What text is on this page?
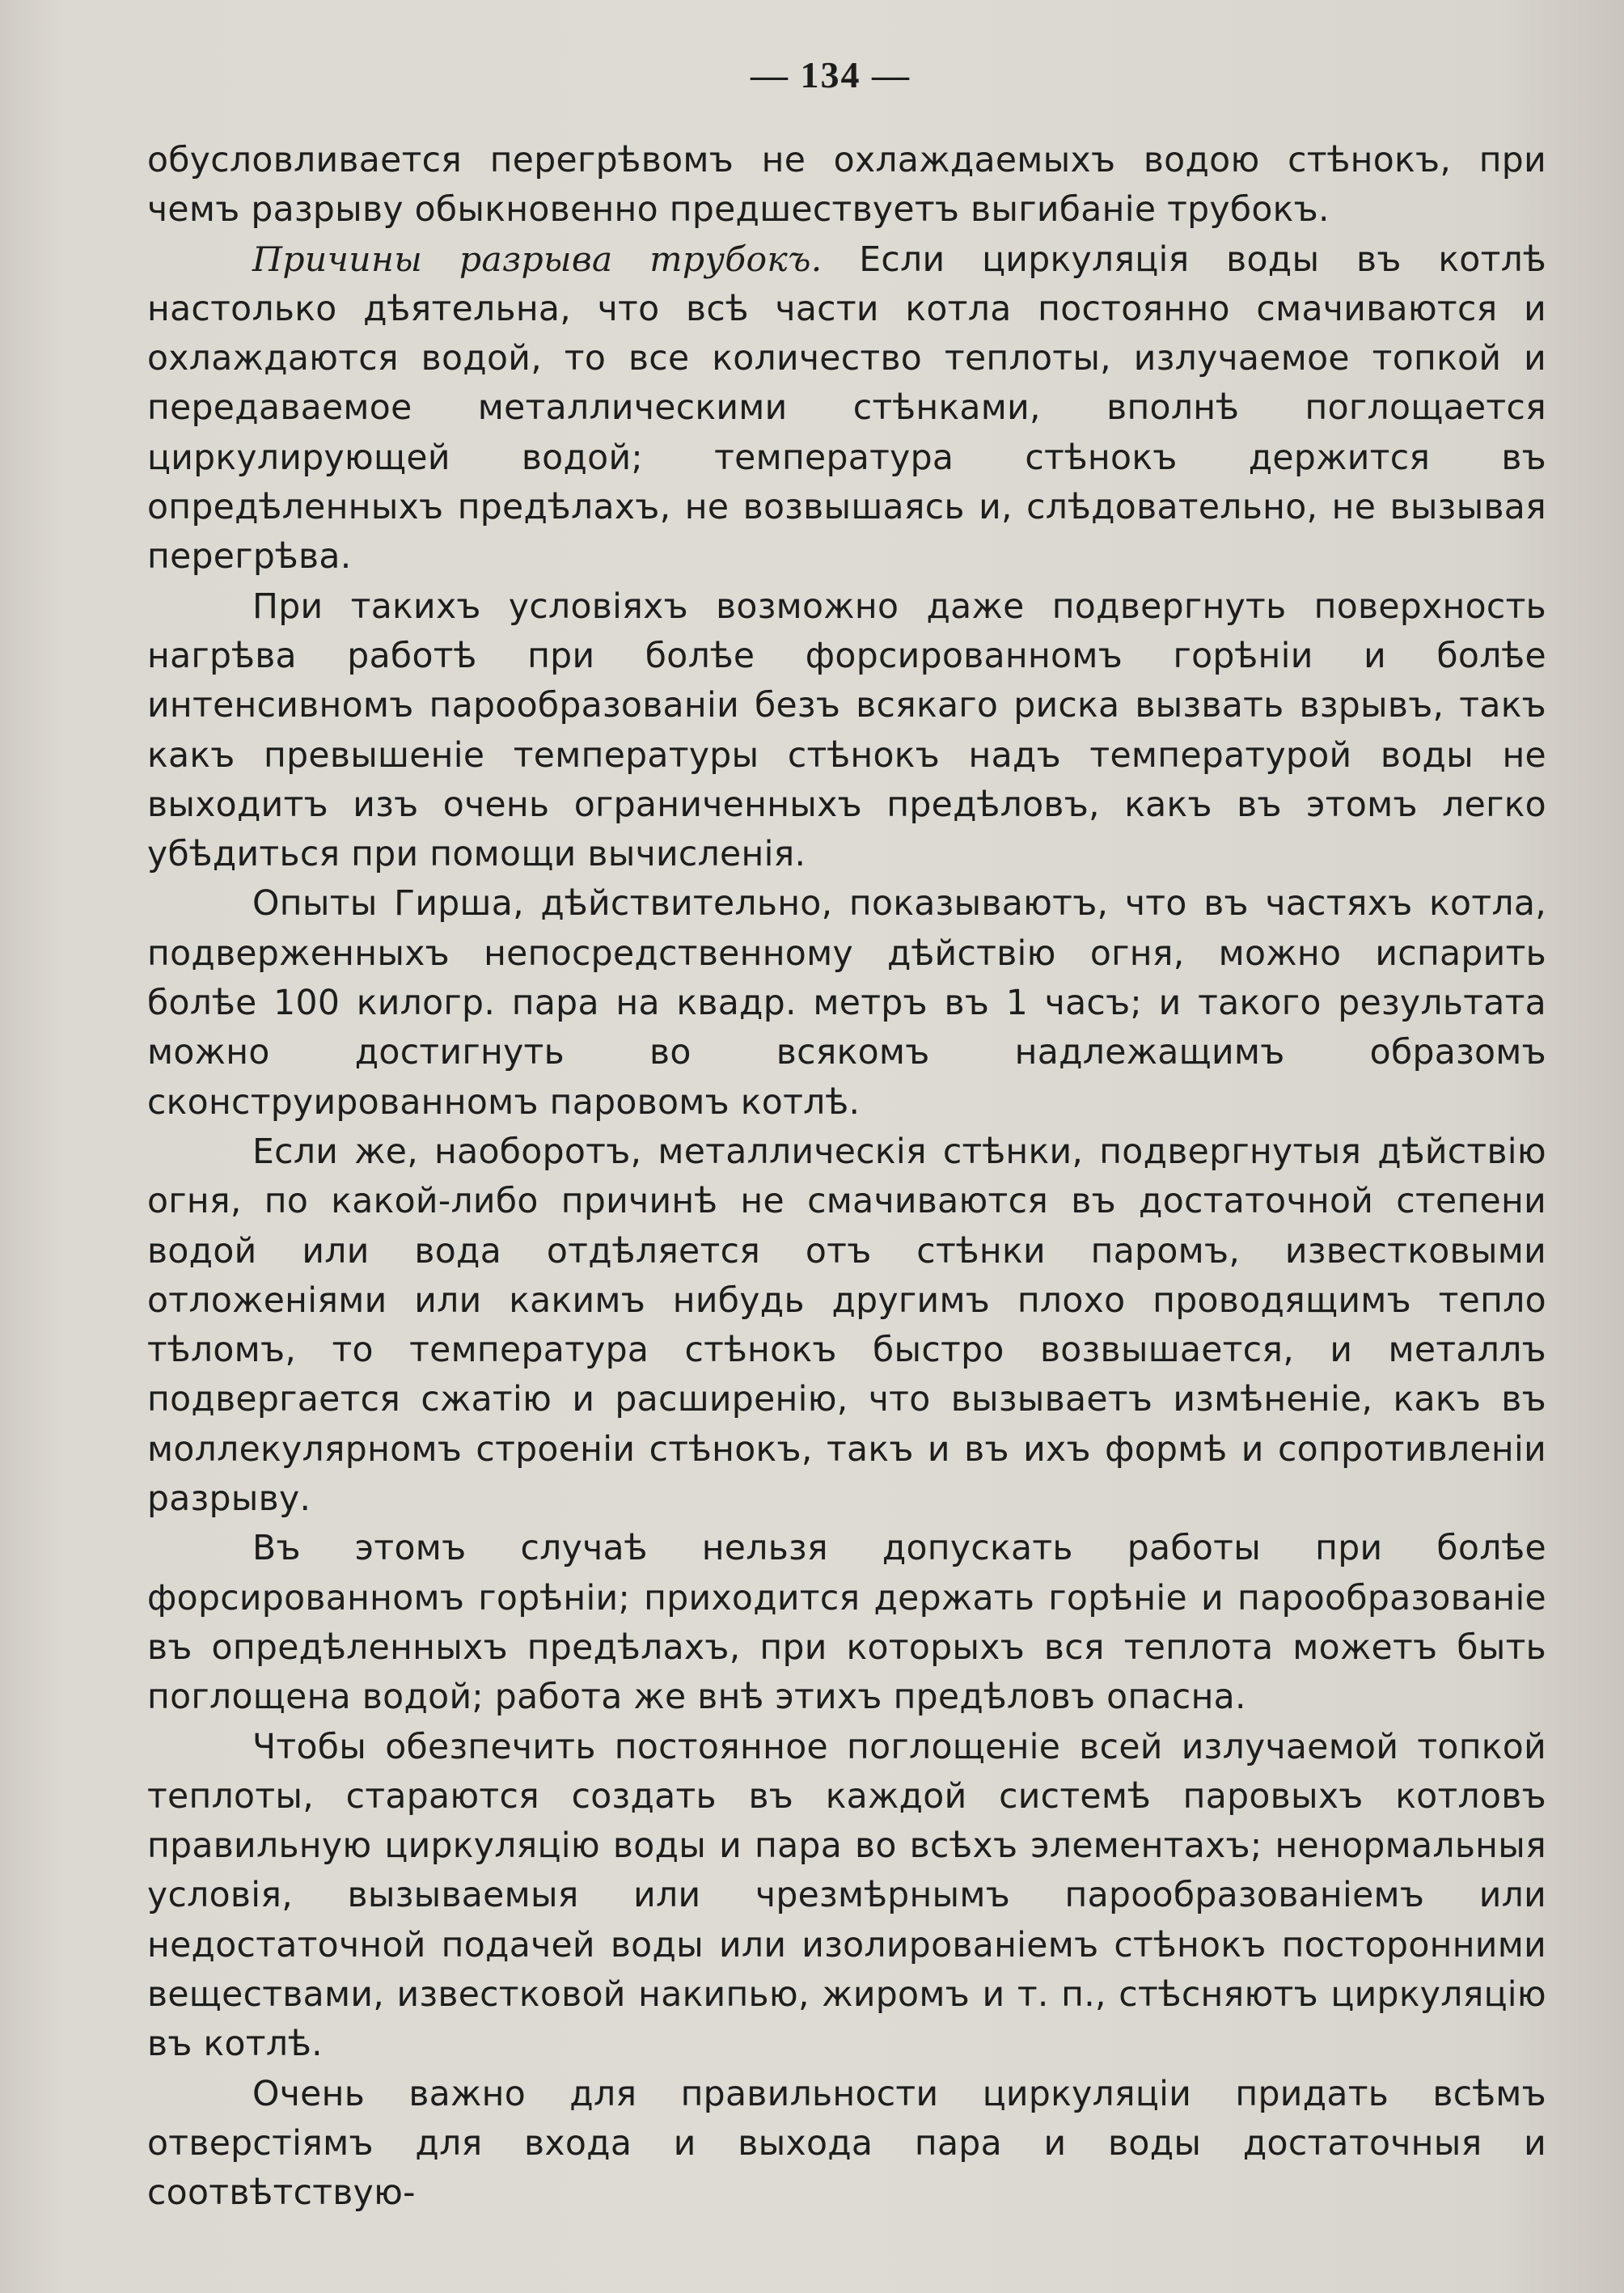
— 134 —

обусловливается перегрѣвомъ не охлаждаемыхъ водою стѣнокъ, при чемъ разрыву обыкновенно предшествуетъ выгибаніе трубокъ.

Причины разрыва трубокъ. Если циркуляція воды въ котлѣ настолько дѣятельна, что всѣ части котла постоянно смачиваются и охлаждаются водой, то все количество теплоты, излучаемое топкой и передаваемое металлическими стѣнками, вполнѣ поглощается циркулирующей водой; температура стѣнокъ держится въ опредѣленныхъ предѣлахъ, не возвышаясь и, слѣдовательно, не вызывая перегрѣва.

При такихъ условіяхъ возможно даже подвергнуть поверхность нагрѣва работѣ при болѣе форсированномъ горѣніи и болѣе интенсивномъ парообразованіи безъ всякаго риска вызвать взрывъ, такъ какъ превышеніе температуры стѣнокъ надъ температурой воды не выходитъ изъ очень ограниченныхъ предѣловъ, какъ въ этомъ легко убѣдиться при помощи вычисленія.

Опыты Гирша, дѣйствительно, показываютъ, что въ частяхъ котла, подверженныхъ непосредственному дѣйствію огня, можно испарить болѣе 100 килогр. пара на квадр. метръ въ 1 часъ; и такого результата можно достигнуть во всякомъ надлежащимъ образомъ сконструированномъ паровомъ котлѣ.

Если же, наоборотъ, металлическія стѣнки, подвергнутыя дѣйствію огня, по какой-либо причинѣ не смачиваются въ достаточной степени водой или вода отдѣляется отъ стѣнки паромъ, известковыми отложеніями или какимъ нибудь другимъ плохо проводящимъ тепло тѣломъ, то температура стѣнокъ быстро возвышается, и металлъ подвергается сжатію и расширенію, что вызываетъ измѣненіе, какъ въ моллекулярномъ строеніи стѣнокъ, такъ и въ ихъ формѣ и сопротивленіи разрыву.

Въ этомъ случаѣ нельзя допускать работы при болѣе форсированномъ горѣніи; приходится держать горѣніе и парообразованіе въ опредѣленныхъ предѣлахъ, при которыхъ вся теплота можетъ быть поглощена водой; работа же внѣ этихъ предѣловъ опасна.

Чтобы обезпечить постоянное поглощеніе всей излучаемой топкой теплоты, стараются создать въ каждой системѣ паровыхъ котловъ правильную циркуляцію воды и пара во всѣхъ элементахъ; ненормальныя условія, вызываемыя или чрезмѣрнымъ парообразованіемъ или недостаточной подачей воды или изолированіемъ стѣнокъ посторонними веществами, известковой накипью, жиромъ и т. п., стѣсняютъ циркуляцію въ котлѣ.

Очень важно для правильности циркуляціи придать всѣмъ отверстіямъ для входа и выхода пара и воды достаточныя и соотвѣтствую-
